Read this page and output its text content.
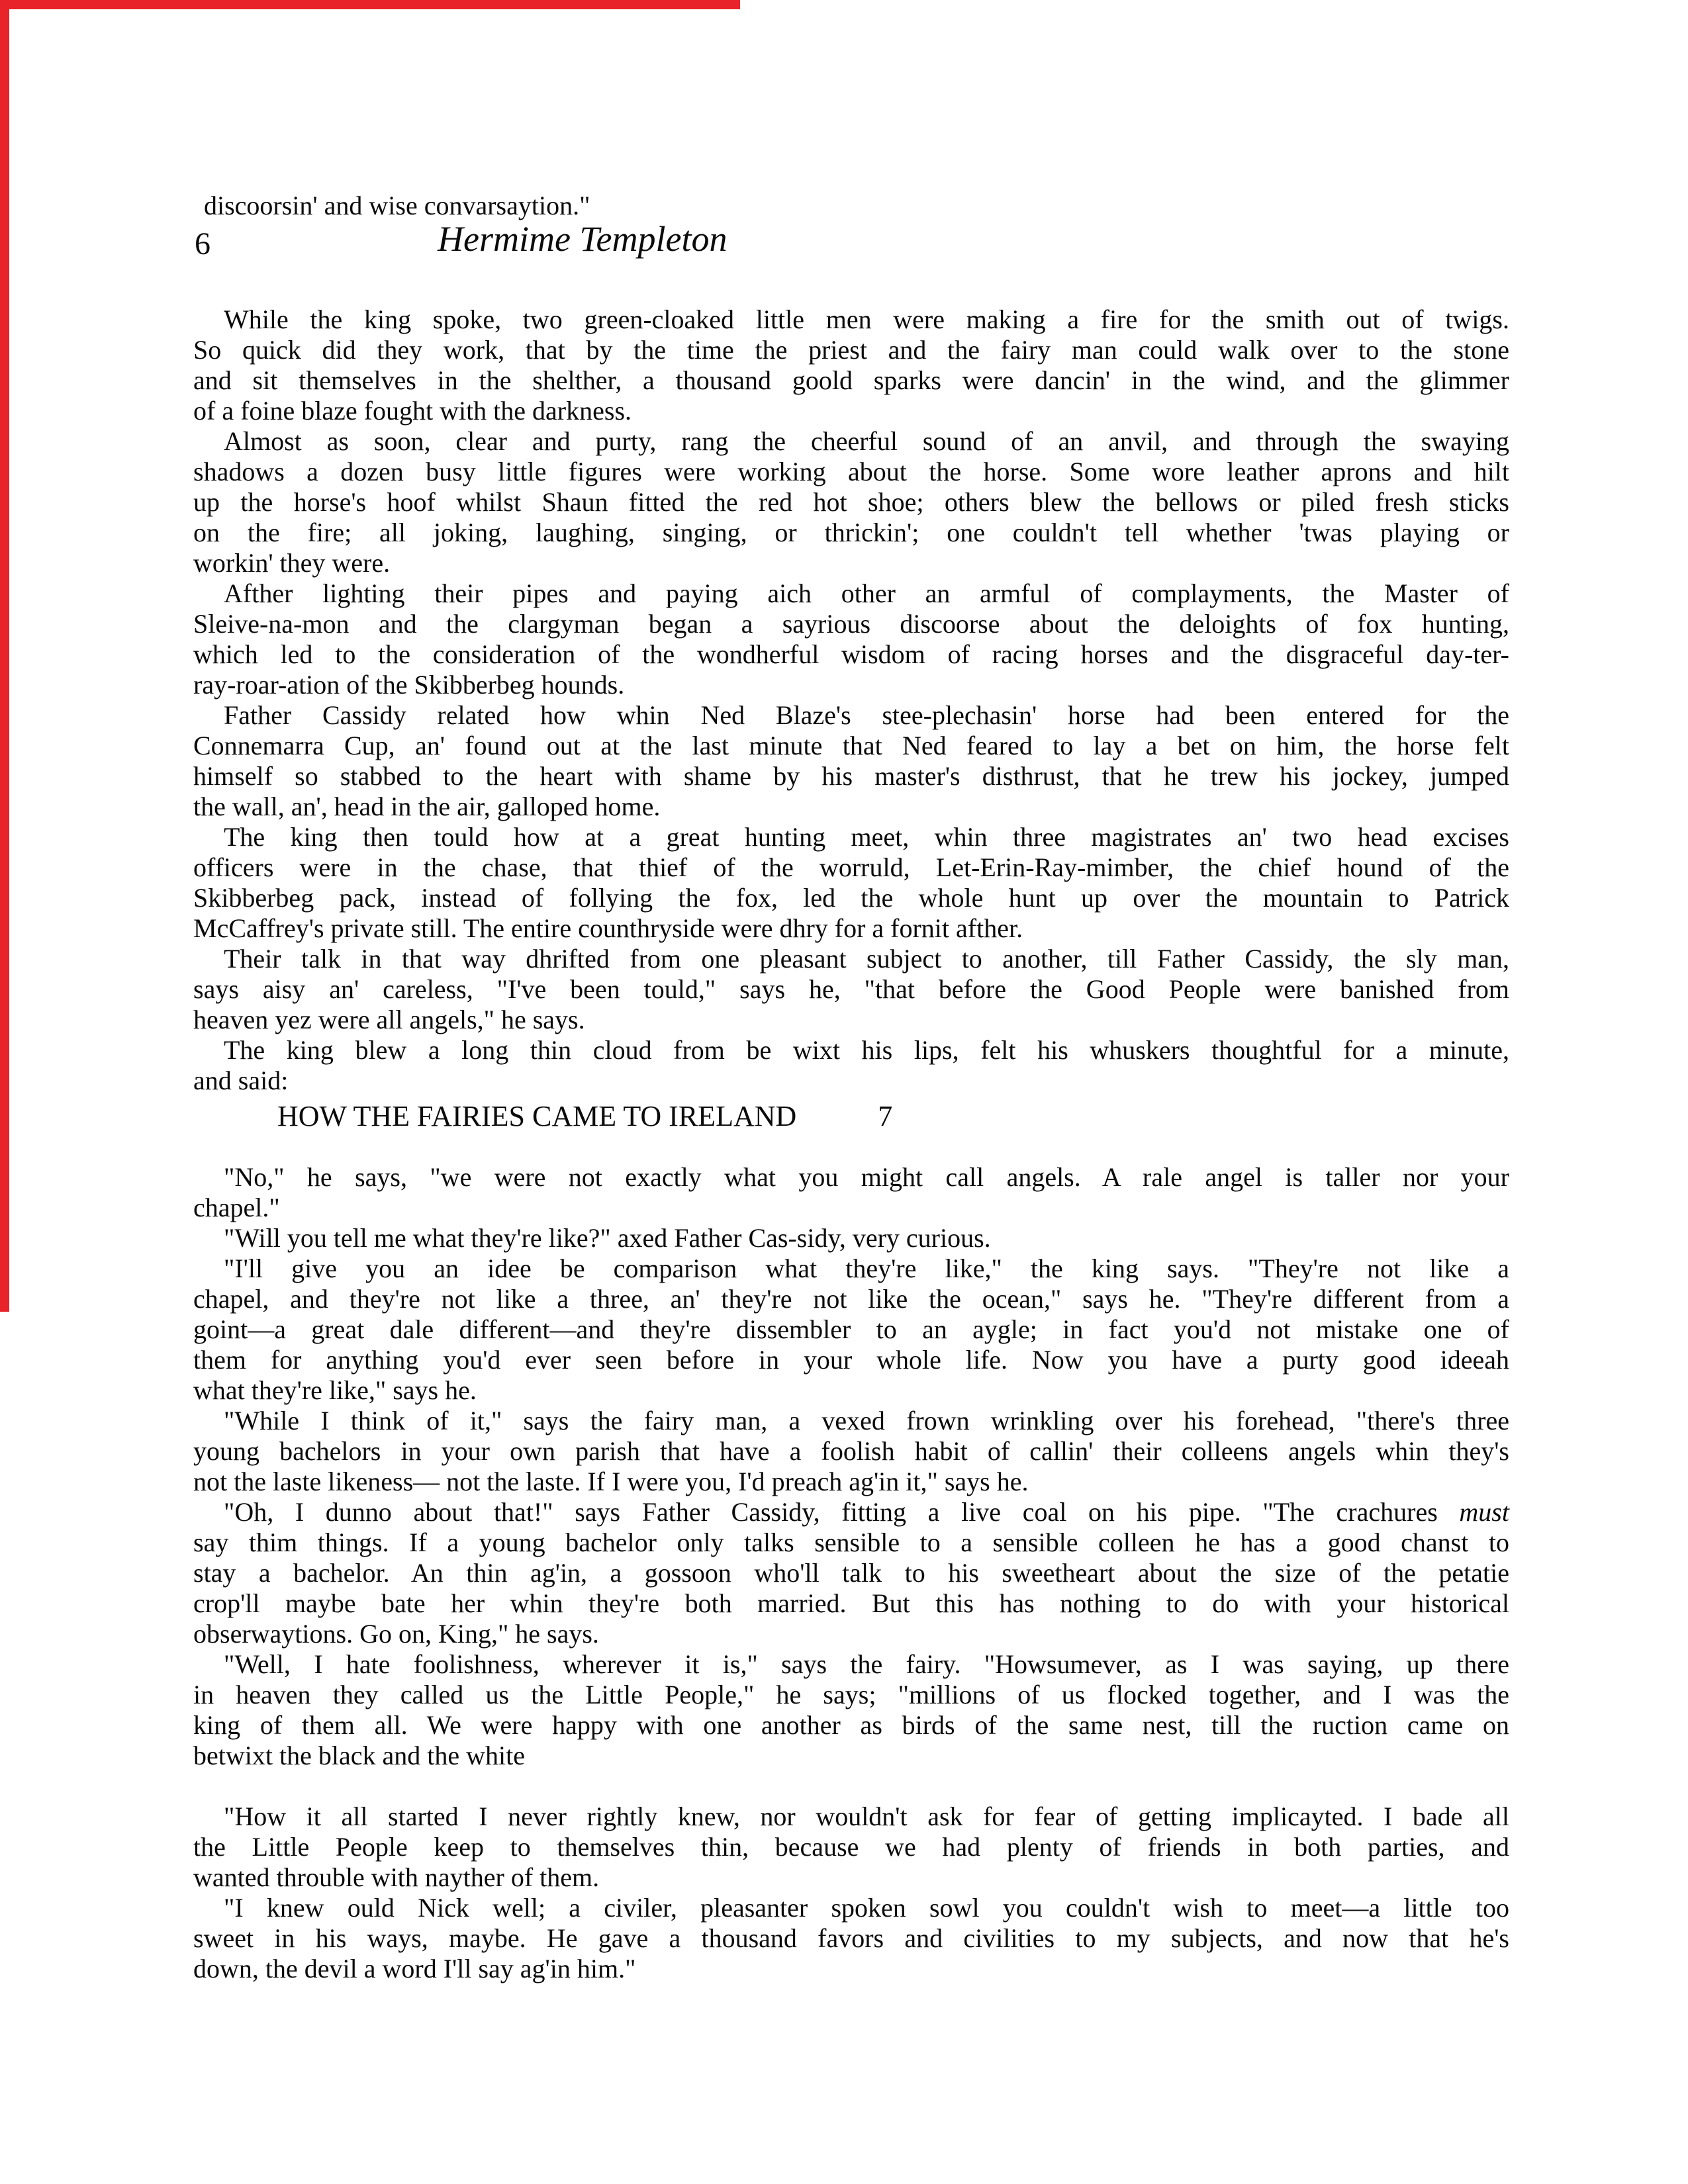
discoorsin' and wise convarsaytion."
6	Hermime Templeton
While the king spoke, two green-cloaked little men were making a fire for the smith out of twigs.
So quick did they work, that by the time the priest and the fairy man could walk over to the stone
and sit themselves in the shelther, a thousand goold sparks were dancin' in the wind, and the glimmer
of a foine blaze fought with the darkness.
Almost as soon, clear and purty, rang the cheerful sound of an anvil, and through the swaying
shadows a dozen busy little figures were working about the horse. Some wore leather aprons and hilt
up the horse's hoof whilst Shaun fitted the red hot shoe; others blew the bellows or piled fresh sticks
on the fire; all joking, laughing, singing, or thrickin'; one couldn't tell whether 'twas playing or
workin' they were.
Afther lighting their pipes and paying aich other an armful of complayments, the Master of
Sleive-na-mon and the clargyman began a sayrious discoorse about the deloights of fox hunting,
which led to the consideration of the wondherful wisdom of racing horses and the disgraceful day-ter-
ray-roar-ation of the Skibberbeg hounds.
Father Cassidy related how whin Ned Blaze's stee-plechasin' horse had been entered for the
Connemarra Cup, an' found out at the last minute that Ned feared to lay a bet on him, the horse felt
himself so stabbed to the heart with shame by his master's disthrust, that he trew his jockey, jumped
the wall, an', head in the air, galloped home.
The king then tould how at a great hunting meet, whin three magistrates an' two head excises
officers were in the chase, that thief of the worruld, Let-Erin-Ray-mimber, the chief hound of the
Skibberbeg pack, instead of follying the fox, led the whole hunt up over the mountain to Patrick
McCaffrey's private still. The entire counthryside were dhry for a fornit afther.
Their talk in that way dhrifted from one pleasant subject to another, till Father Cassidy, the sly man,
says aisy an' careless, "I've been tould," says he, "that before the Good People were banished from
heaven yez were all angels," he says.
The king blew a long thin cloud from be wixt his lips, felt his whuskers thoughtful for a minute,
and said:
HOW THE FAIRIES CAME TO IRELAND	7
"No," he says, "we were not exactly what you might call angels. A rale angel is taller nor your
chapel."
"Will you tell me what they're like?" axed Father Cas-sidy, very curious.
"I'll give you an idee be comparison what they're like," the king says. "They're not like a
chapel, and they're not like a three, an' they're not like the ocean," says he. "They're different from a
goint—a great dale different—and they're dissembler to an aygle; in fact you'd not mistake one of
them for anything you'd ever seen before in your whole life. Now you have a purty good ideeah
what they're like," says he.
"While I think of it," says the fairy man, a vexed frown wrinkling over his forehead, "there's three
young bachelors in your own parish that have a foolish habit of callin' their colleens angels whin they's
not the laste likeness— not the laste. If I were you, I'd preach ag'in it," says he.
"Oh, I dunno about that!" says Father Cassidy, fitting a live coal on his pipe. "The crachures must
say thim things. If a young bachelor only talks sensible to a sensible colleen he has a good chanst to
stay a bachelor. An thin ag'in, a gossoon who'll talk to his sweetheart about the size of the petatie
crop'll maybe bate her whin they're both married. But this has nothing to do with your historical
obserwaytions. Go on, King," he says.
"Well, I hate foolishness, wherever it is," says the fairy. "Howsumever, as I was saying, up there
in heaven they called us the Little People," he says; "millions of us flocked together, and I was the
king of them all. We were happy with one another as birds of the same nest, till the ruction came on
betwixt the black and the white
"How it all started I never rightly knew, nor wouldn't ask for fear of getting implicayted. I bade all
the Little People keep to themselves thin, because we had plenty of friends in both parties, and
wanted throuble with nayther of them.
"I knew ould Nick well; a civiler, pleasanter spoken sowl you couldn't wish to meet—a little too
sweet in his ways, maybe. He gave a thousand favors and civilities to my subjects, and now that he's
down, the devil a word I'll say ag'in him."
